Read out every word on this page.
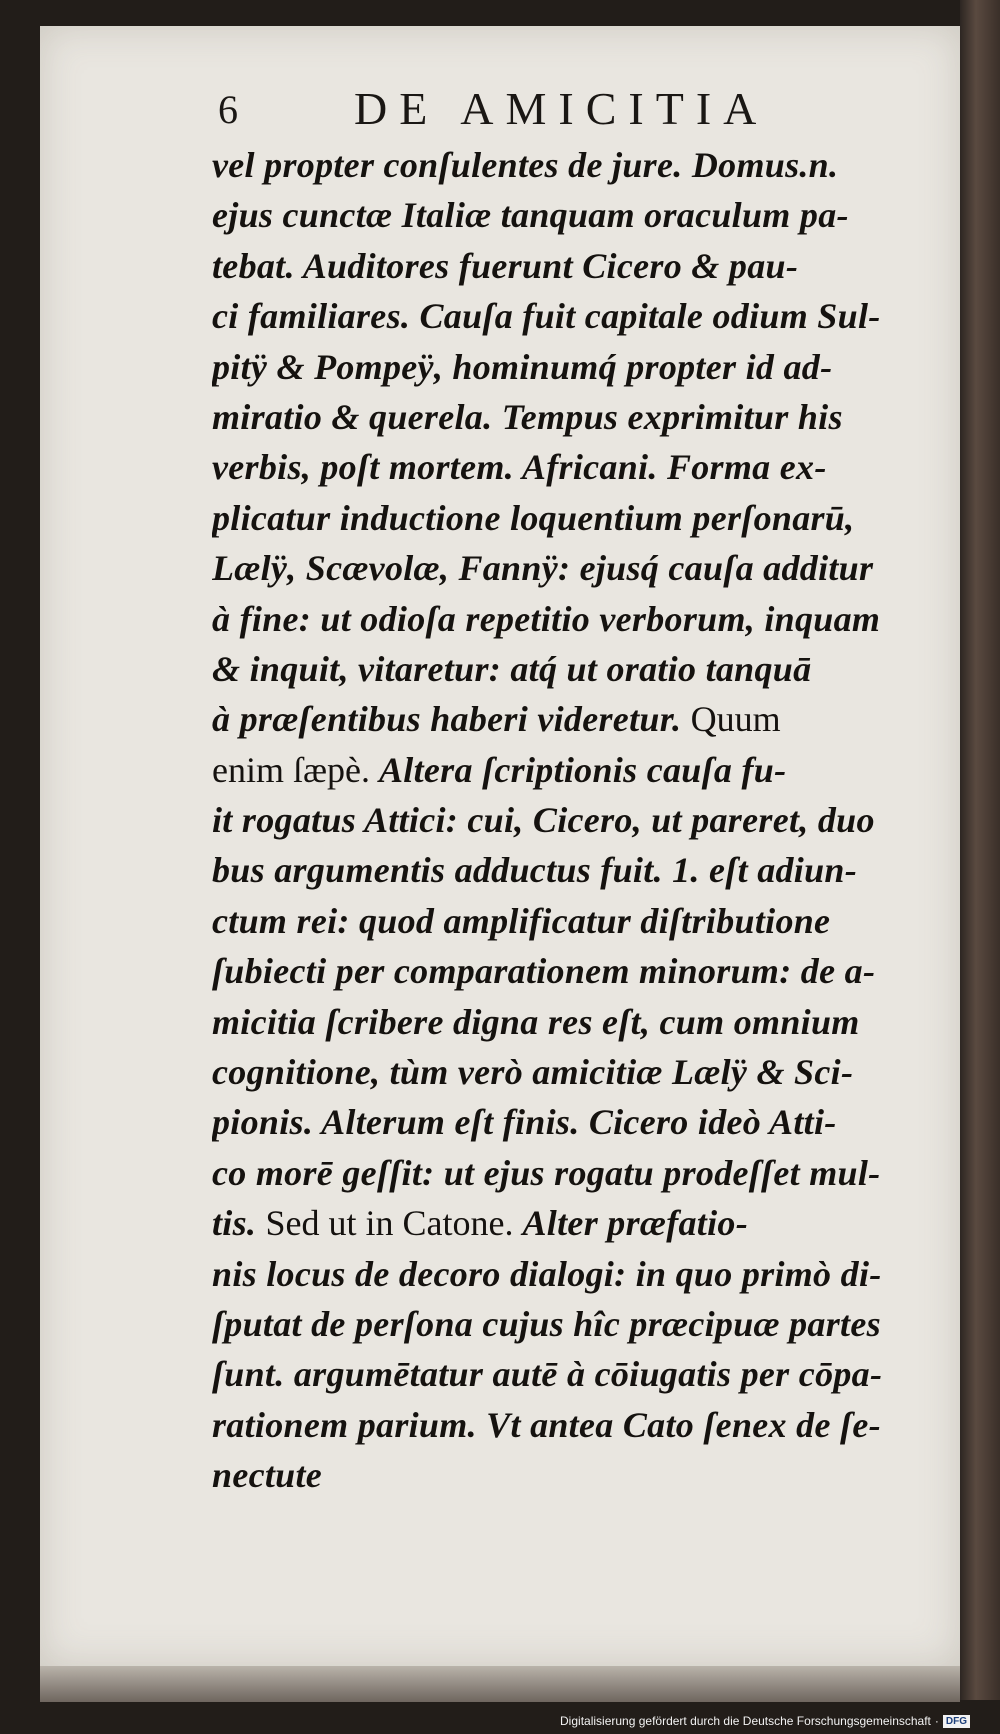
6	DE AMICITIA
vel propter conſulentes de jure. Domus.n.
ejus cunctæ Italiæ tanquam oraculum pa-
tebat. Auditores fuerunt Cicero & pau-
ci familiares. Cauſa fuit capitale odium Sul-
pitÿ & Pompeÿ, hominumq́ propter id ad-
miratio & querela. Tempus exprimitur his
verbis, poſt mortem. Africani. Forma ex-
plicatur inductione loquentium perſonarū,
Lælÿ, Scævolæ, Fannÿ: ejusq́ cauſa additur
à fine: ut odioſa repetitio verborum, inquam
& inquit, vitaretur: atq́ ut oratio tanquā
à præſentibus haberi videretur. Quum
enim ſæpè. Altera ſcriptionis cauſa fu-
it rogatus Attici: cui, Cicero, ut pareret, duo
bus argumentis adductus fuit. 1. eſt adiun-
ctum rei: quod amplificatur diſtributione
ſubiecti per comparationem minorum: de a-
micitia ſcribere digna res eſt, cum omnium
cognitione, tùm verò amicitiæ Lælÿ & Sci-
pionis. Alterum eſt finis. Cicero ideò Atti-
co morē geſſit: ut ejus rogatu prodeſſet mul-
tis. Sed ut in Catone. Alter præfatio-
nis locus de decoro dialogi: in quo primò di-
ſputat de perſona cujus hîc præcipuæ partes
ſunt. argumētatur autē à cōiugatis per cōpa-
rationem parium. Vt antea Cato ſenex de ſe-
nectute
Digitalisierung gefördert durch die Deutsche Forschungsgemeinschaft · DFG
